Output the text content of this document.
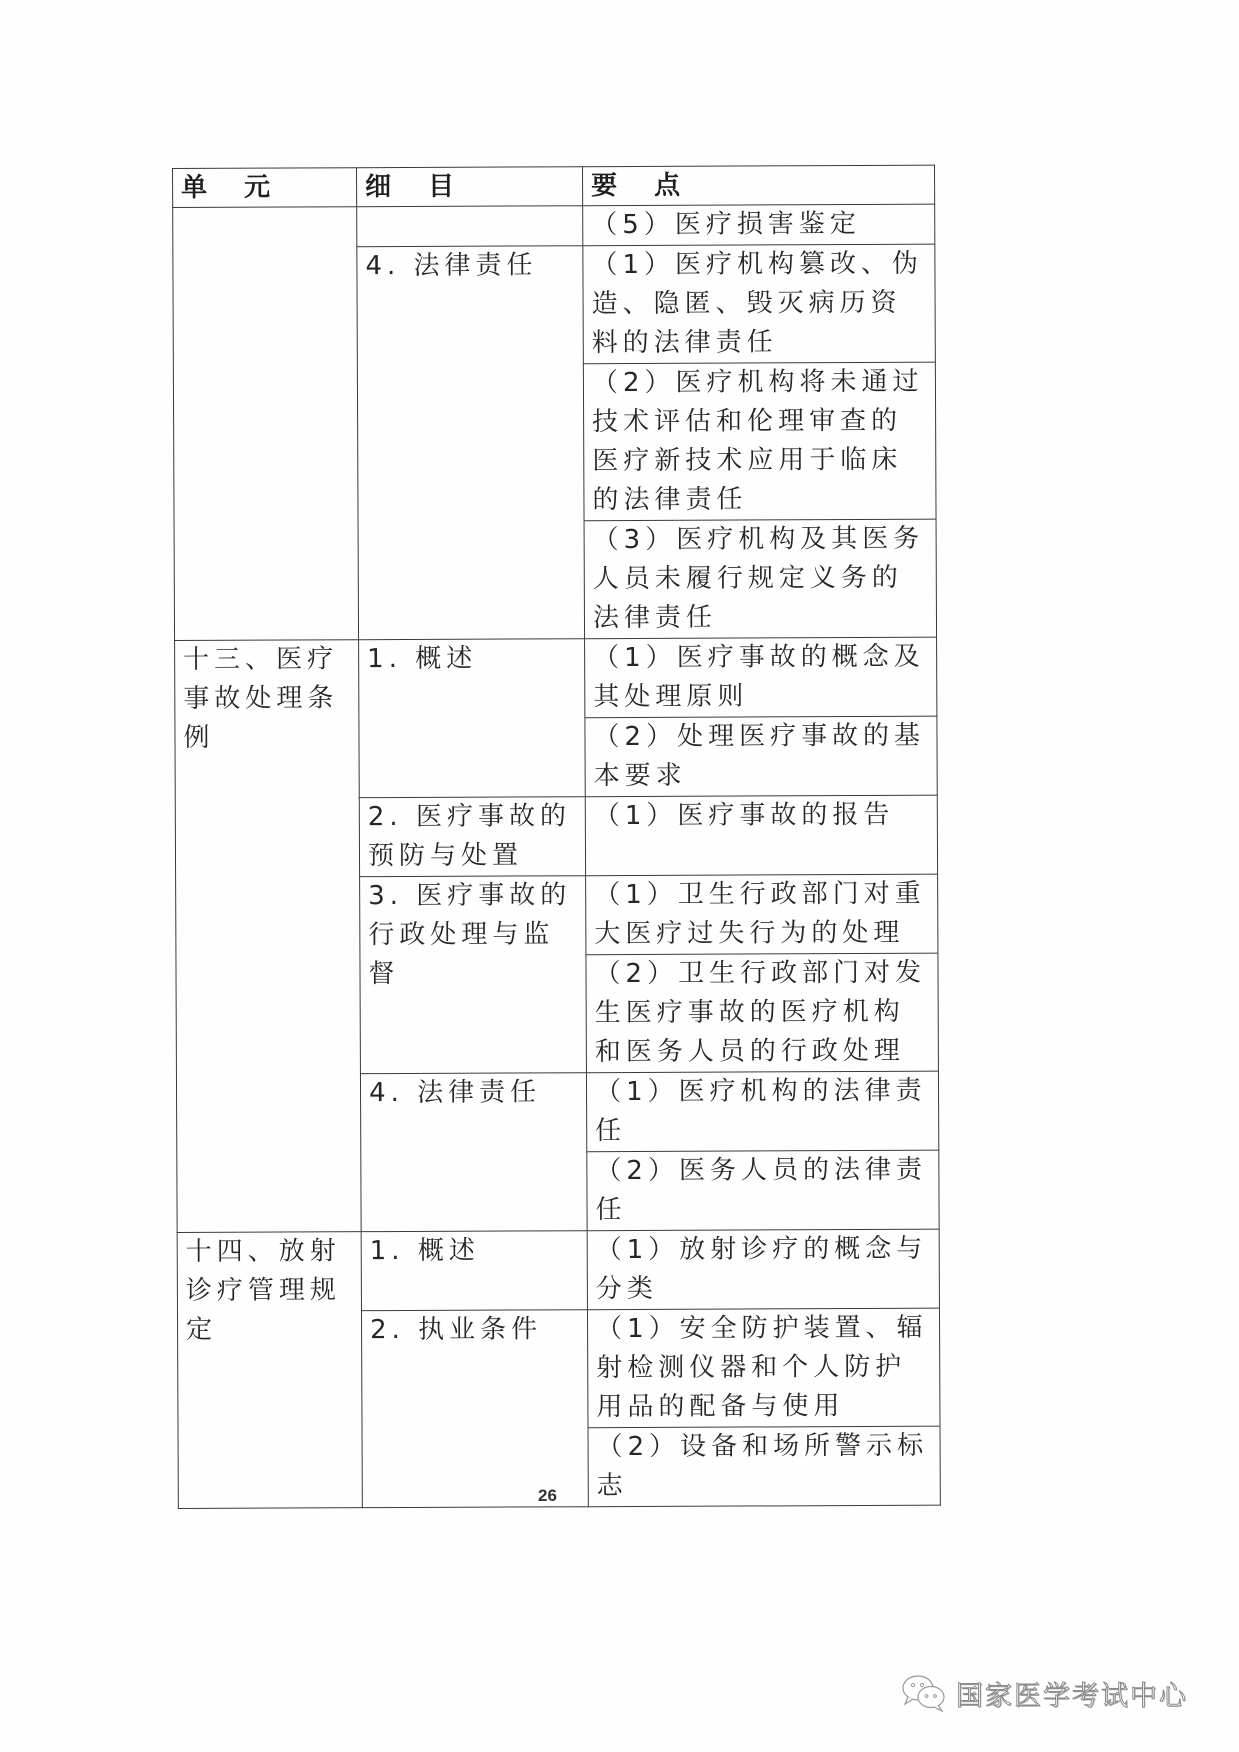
单 元	细 目	要 点
		（5）医疗损害鉴定
	4. 法律责任	（1）医疗机构篡改、伪造、隐匿、毁灭病历资料的法律责任
		（2）医疗机构将未通过技术评估和伦理审查的医疗新技术应用于临床的法律责任
		（3）医疗机构及其医务人员未履行规定义务的法律责任
十三、医疗事故处理条例	1. 概述	（1）医疗事故的概念及其处理原则
		（2）处理医疗事故的基本要求
	2. 医疗事故的预防与处置	（1）医疗事故的报告
	3. 医疗事故的行政处理与监督	（1）卫生行政部门对重大医疗过失行为的处理
		（2）卫生行政部门对发生医疗事故的医疗机构和医务人员的行政处理
	4. 法律责任	（1）医疗机构的法律责任
		（2）医务人员的法律责任
十四、放射诊疗管理规定	1. 概述	（1）放射诊疗的概念与分类
	2. 执业条件	（1）安全防护装置、辐射检测仪器和个人防护用品的配备与使用
		（2）设备和场所警示标志
26
国家医学考试中心
